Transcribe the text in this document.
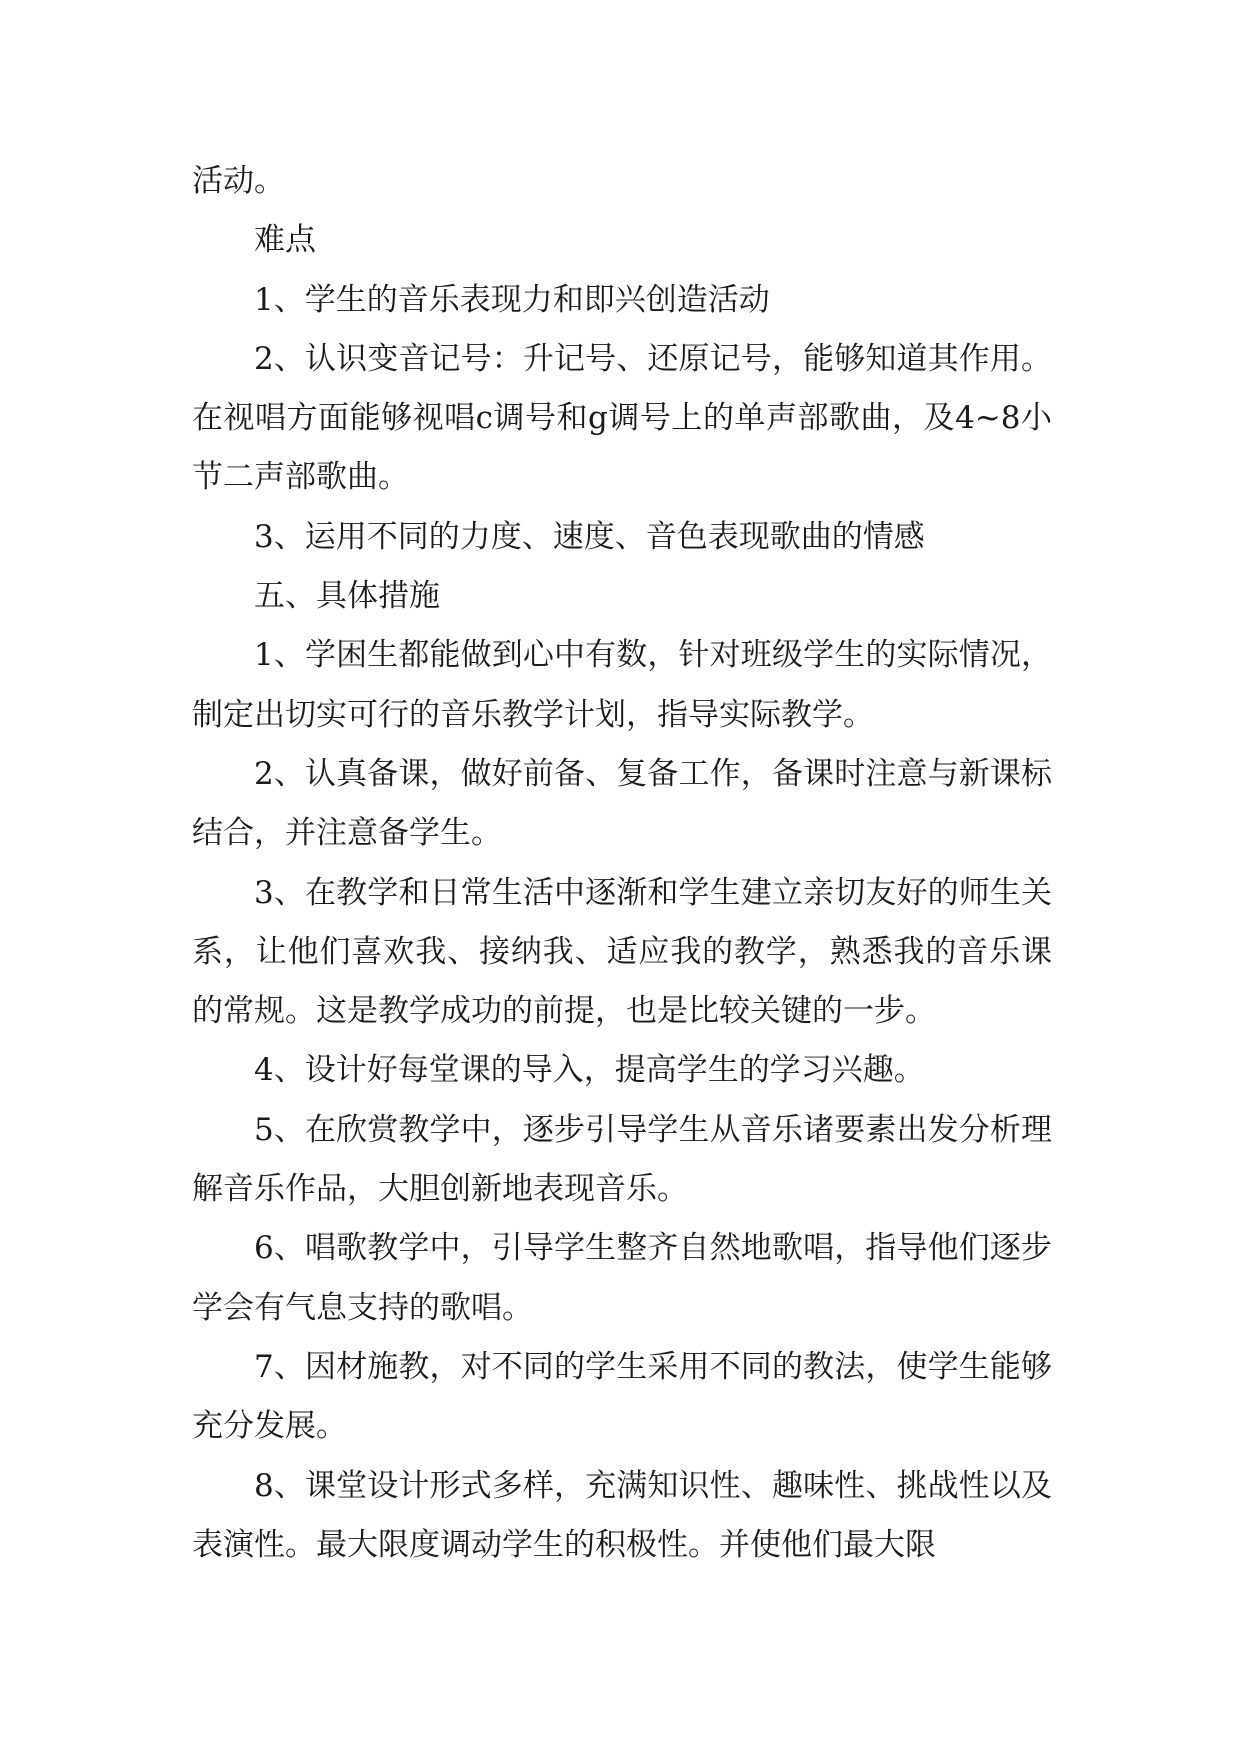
活动。

难点

1、学生的音乐表现力和即兴创造活动

2、认识变音记号：升记号、还原记号，能够知道其作用。在视唱方面能够视唱c调号和g调号上的单声部歌曲，及4~8小节二声部歌曲。

3、运用不同的力度、速度、音色表现歌曲的情感

五、具体措施

1、学困生都能做到心中有数，针对班级学生的实际情况，制定出切实可行的音乐教学计划，指导实际教学。

2、认真备课，做好前备、复备工作，备课时注意与新课标结合，并注意备学生。

3、在教学和日常生活中逐渐和学生建立亲切友好的师生关系，让他们喜欢我、接纳我、适应我的教学，熟悉我的音乐课的常规。这是教学成功的前提，也是比较关键的一步。

4、设计好每堂课的导入，提高学生的学习兴趣。

5、在欣赏教学中，逐步引导学生从音乐诸要素出发分析理解音乐作品，大胆创新地表现音乐。

6、唱歌教学中，引导学生整齐自然地歌唱，指导他们逐步学会有气息支持的歌唱。

7、因材施教，对不同的学生采用不同的教法，使学生能够充分发展。

8、课堂设计形式多样，充满知识性、趣味性、挑战性以及表演性。最大限度调动学生的积极性。并使他们最大限
